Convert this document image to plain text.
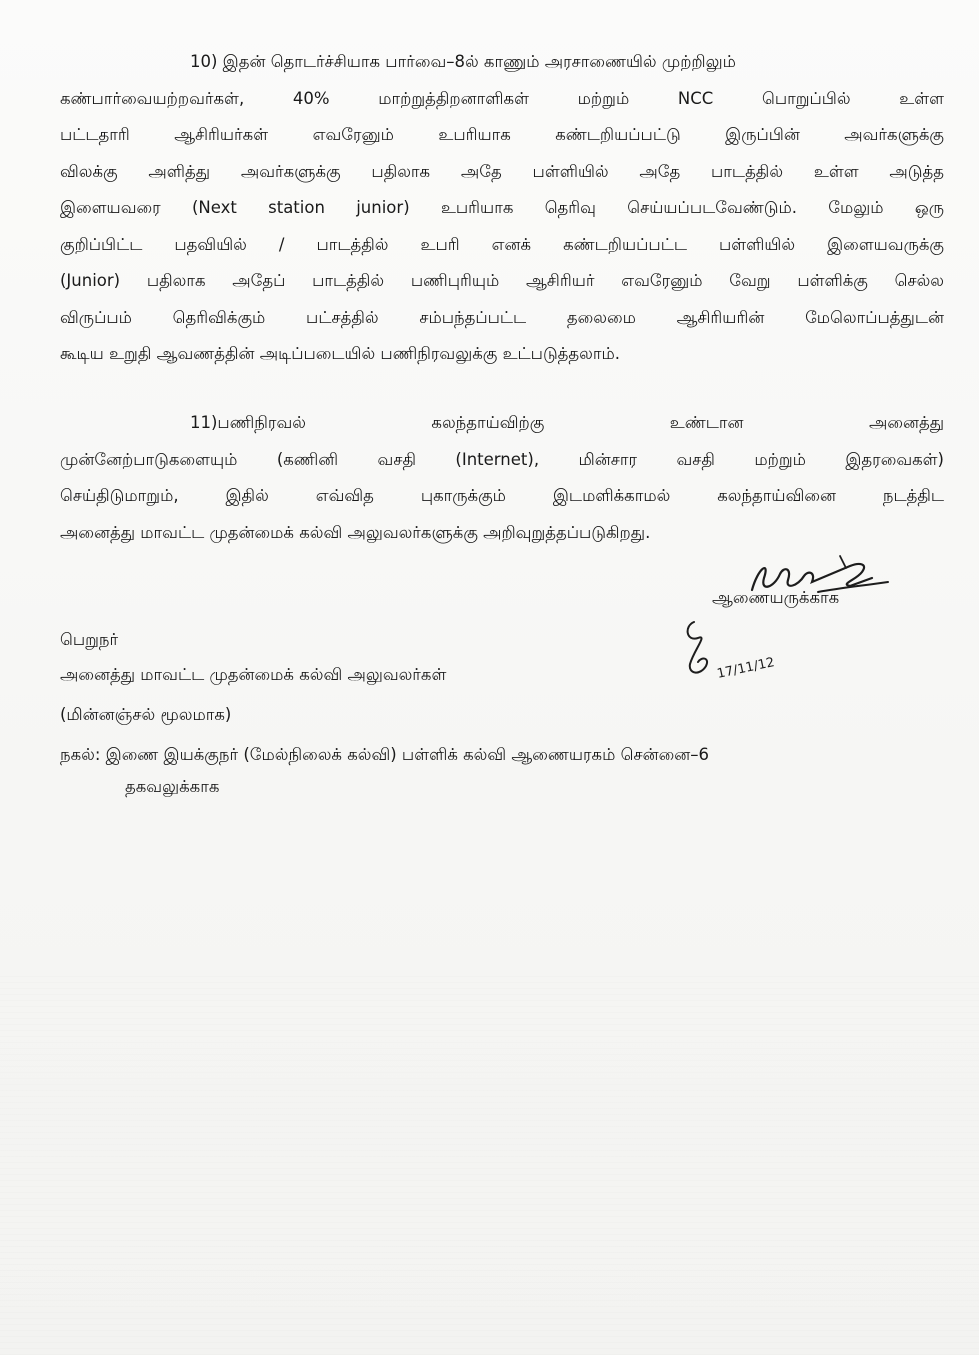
10) இதன் தொடர்ச்சியாக பார்வை–8ல் காணும் அரசாணையில் முற்றிலும்
கண்பார்வையற்றவர்கள், 40% மாற்றுத்திறனாளிகள் மற்றும் NCC பொறுப்பில் உள்ள
பட்டதாரி ஆசிரியர்கள் எவரேனும் உபரியாக கண்டறியப்பட்டு இருப்பின் அவர்களுக்கு
விலக்கு அளித்து அவர்களுக்கு பதிலாக அதே பள்ளியில் அதே பாடத்தில் உள்ள அடுத்த
இளையவரை (Next station junior) உபரியாக தெரிவு செய்யப்படவேண்டும். மேலும் ஒரு
குறிப்பிட்ட பதவியில் / பாடத்தில் உபரி எனக் கண்டறியப்பட்ட பள்ளியில் இளையவருக்கு
(Junior) பதிலாக அதேப் பாடத்தில் பணிபுரியும் ஆசிரியர் எவரேனும் வேறு பள்ளிக்கு செல்ல
விருப்பம் தெரிவிக்கும் பட்சத்தில் சம்பந்தப்பட்ட தலைமை ஆசிரியரின் மேலொப்பத்துடன்
கூடிய உறுதி ஆவணத்தின் அடிப்படையில் பணிநிரவலுக்கு உட்படுத்தலாம்.
11)பணிநிரவல் கலந்தாய்விற்கு உண்டான அனைத்து
முன்னேற்பாடுகளையும் (கணினி வசதி (Internet), மின்சார வசதி மற்றும் இதரவைகள்)
செய்திடுமாறும், இதில் எவ்வித புகாருக்கும் இடமளிக்காமல் கலந்தாய்வினை நடத்திட
அனைத்து மாவட்ட முதன்மைக் கல்வி அலுவலர்களுக்கு அறிவுறுத்தப்படுகிறது.
ஆணையருக்காக
17/11/12
பெறுநர்
அனைத்து மாவட்ட முதன்மைக் கல்வி அலுவலர்கள்
(மின்னஞ்சல் மூலமாக)
நகல்: இணை இயக்குநர் (மேல்நிலைக் கல்வி) பள்ளிக் கல்வி ஆணையரகம் சென்னை–6
தகவலுக்காக
